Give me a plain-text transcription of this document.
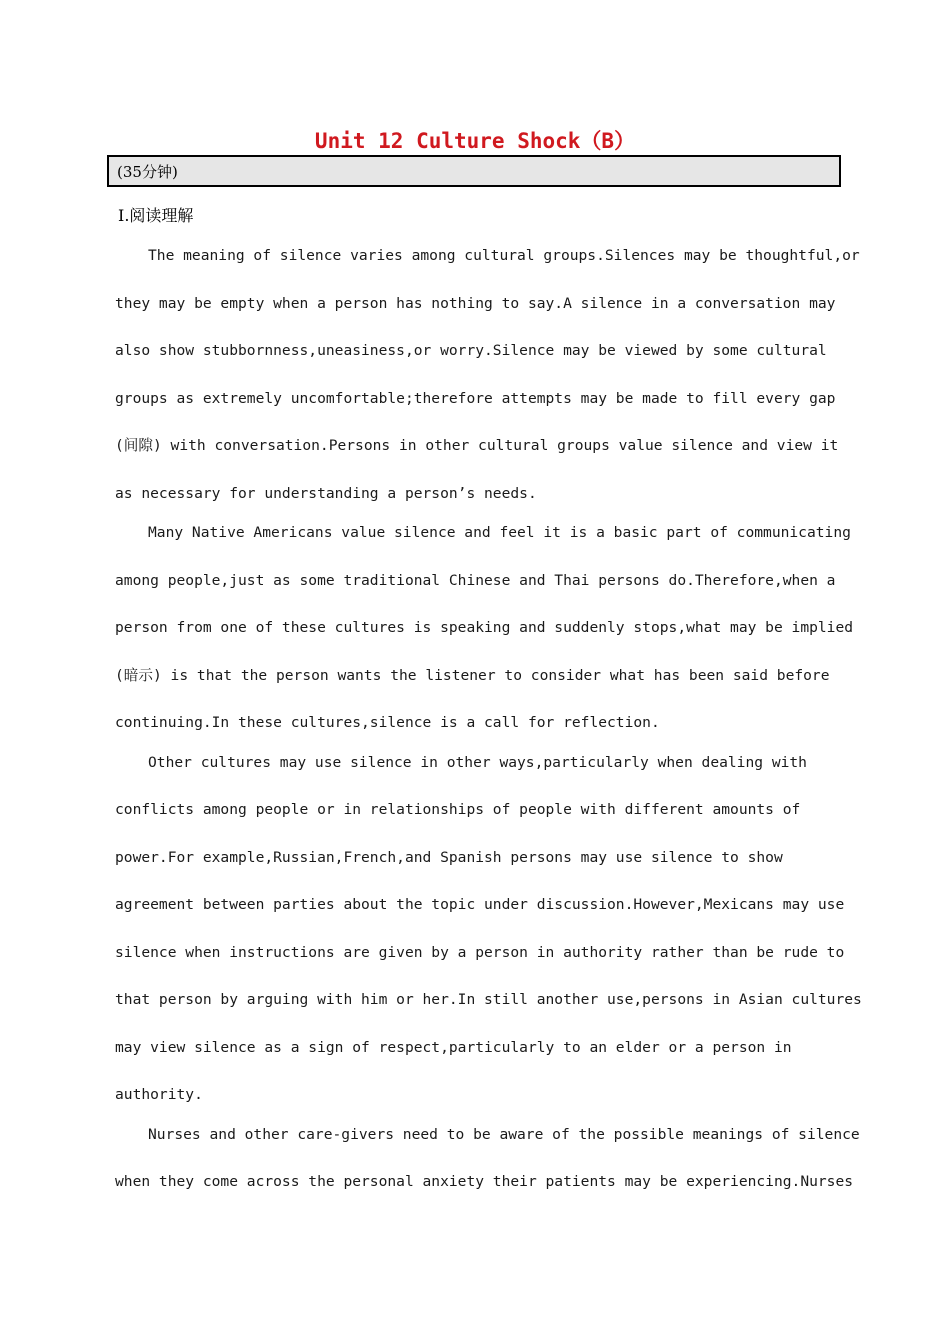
Unit 12 Culture Shock（B）
(35分钟)
Ⅰ.阅读理解

The meaning of silence varies among cultural groups.Silences may be thoughtful,or
they may be empty when a person has nothing to say.A silence in a conversation may
also show stubbornness,uneasiness,or worry.Silence may be viewed by some cultural
groups as extremely uncomfortable;therefore attempts may be made to fill every gap
(间隙) with conversation.Persons in other cultural groups value silence and view it
as necessary for understanding a person’s needs.

Many Native Americans value silence and feel it is a basic part of communicating
among people,just as some traditional Chinese and Thai persons do.Therefore,when a
person from one of these cultures is speaking and suddenly stops,what may be implied
(暗示) is that the person wants the listener to consider what has been said before
continuing.In these cultures,silence is a call for reflection.

Other cultures may use silence in other ways,particularly when dealing with
conflicts among people or in relationships of people with different amounts of
power.For example,Russian,French,and Spanish persons may use silence to show
agreement between parties about the topic under discussion.However,Mexicans may use
silence when instructions are given by a person in authority rather than be rude to
that person by arguing with him or her.In still another use,persons in Asian cultures
may view silence as a sign of respect,particularly to an elder or a person in
authority.

Nurses and other care-givers need to be aware of the possible meanings of silence
when they come across the personal anxiety their patients may be experiencing.Nurses
